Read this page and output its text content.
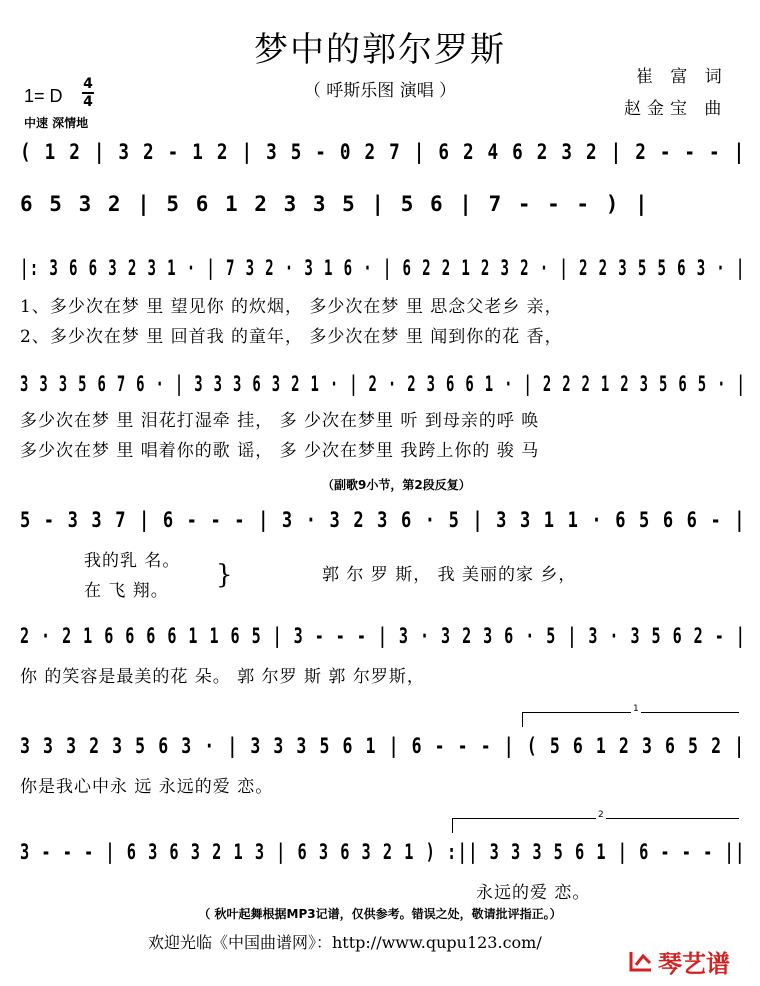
梦中的郭尔罗斯
（ 呼斯乐图 演唱 ）
崔 富 词
赵金宝 曲
1= D
4
4
中速 深情地
( 1 2 | 3 2 - 1 2 | 3 5 - 0 2 7 | 6 2 4 6 2 3 2 | 2 - - - |
6 5 3 2 | 5 6 1 2 3 3 5 | 5 6 | 7 - - - ) |
|: 3 6 6 3 2 3 1 · | 7 3 2 · 3 1 6 · | 6 2 2 1 2 3 2 · | 2 2 3 5 5 6 3 · |
1、多少次在梦 里 望见你 的炊烟， 多少次在梦 里 思念父老乡 亲，
2、多少次在梦 里 回首我 的童年， 多少次在梦 里 闻到你的花 香，
3 3 3 5 6 7 6 · | 3 3 3 6 3 2 1 · | 2 · 2 3 6 6 1 · | 2 2 2 1 2 3 5 6 5 · |
多少次在梦 里 泪花打湿牵 挂， 多 少次在梦里 听 到母亲的呼 唤
多少次在梦 里 唱着你的歌 谣， 多 少次在梦里 我跨上你的 骏 马
（副歌9小节，第2段反复）
5 - 3 3 7 | 6 - - - | 3 · 3 2 3 6 · 5 | 3 3 1 1 · 6 5 6 6 - |
我的乳 名。
在 飞 翔。
}	郭 尔 罗 斯， 我 美丽的家 乡，
2 · 2 1 6 6 6 6 1 1 6 5 | 3 - - - | 3 · 3 2 3 6 · 5 | 3 · 3 5 6 2 - |
你 的笑容是最美的花 朵。 郭 尔罗 斯 郭 尔罗斯，
1
3 3 3 2 3 5 6 3 · | 3 3 3 5 6 1 | 6 - - - | ( 5 6 1 2 3 6 5 2 |
你是我心中永 远 永远的爱 恋。
2
3 - - - | 6 3 6 3 2 1 3 | 6 3 6 3 2 1 ) :|| 3 3 3 5 6 1 | 6 - - - ||
永远的爱 恋。
（ 秋叶起舞根据MP3记谱，仅供参考。错误之处，敬请批评指正。）
欢迎光临《中国曲谱网》：http://www.qupu123.com/
琴艺谱
